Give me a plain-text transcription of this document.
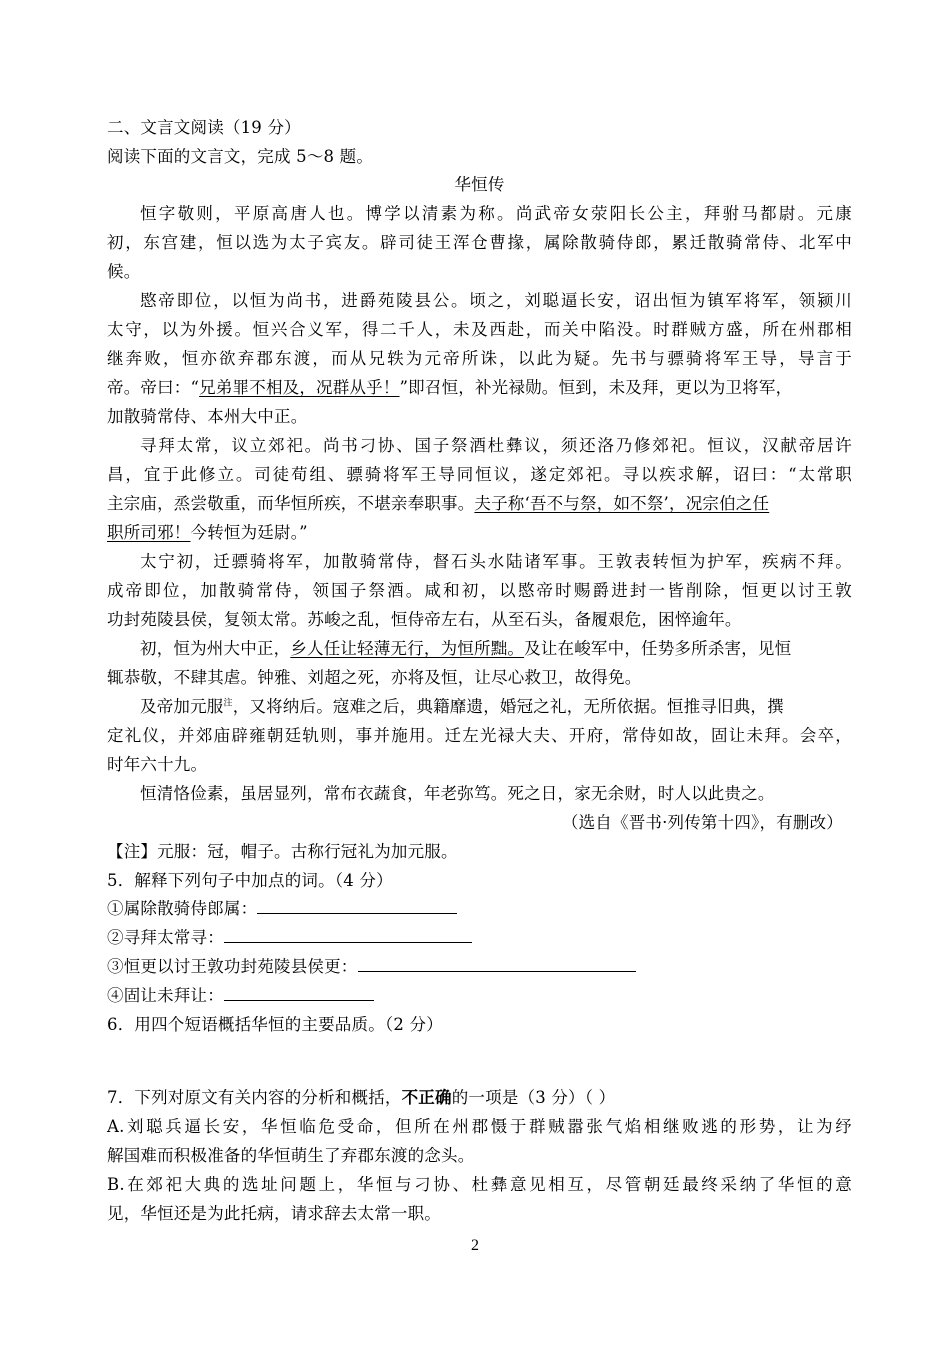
二、文言文阅读（19 分）
阅读下面的文言文，完成 5～8 题。
华恒传
恒字敬则，平原高唐人也。博学以清素为称。尚武帝女荥阳长公主，拜驸马都尉。元康
初，东宫建，恒以选为太子宾友。辟司徒王浑仓曹掾，属除散骑侍郎，累迁散骑常侍、北军中
候。
愍帝即位，以恒为尚书，进爵苑陵县公。顷之，刘聪逼长安，诏出恒为镇军将军，领颍川
太守，以为外援。恒兴合义军，得二千人，未及西赴，而关中陷没。时群贼方盛，所在州郡相
继奔败，恒亦欲弃郡东渡，而从兄轶为元帝所诛，以此为疑。先书与骠骑将军王导，导言于
帝。帝曰：“兄弟罪不相及，况群从乎！”即召恒，补光禄勋。恒到，未及拜，更以为卫将军，
加散骑常侍、本州大中正。
寻拜太常，议立郊祀。尚书刁协、国子祭酒杜彝议，须还洛乃修郊祀。恒议，汉献帝居许
昌，宜于此修立。司徒荀组、骠骑将军王导同恒议，遂定郊祀。寻以疾求解，诏曰：“太常职
主宗庙，烝尝敬重，而华恒所疾，不堪亲奉职事。夫子称‘吾不与祭，如不祭’，况宗伯之任
职所司邪！今转恒为廷尉。”
太宁初，迁骠骑将军，加散骑常侍，督石头水陆诸军事。王敦表转恒为护军，疾病不拜。
成帝即位，加散骑常侍，领国子祭酒。咸和初，以愍帝时赐爵进封一皆削除，恒更以讨王敦
功封苑陵县侯，复领太常。苏峻之乱，恒侍帝左右，从至石头，备履艰危，困悴逾年。
初，恒为州大中正，乡人任让轻薄无行，为恒所黜。及让在峻军中，任势多所杀害，见恒
辄恭敬，不肆其虐。钟雅、刘超之死，亦将及恒，让尽心救卫，故得免。
及帝加元服$^注$，又将纳后。寇难之后，典籍靡遗，婚冠之礼，无所依据。恒推寻旧典，撰
定礼仪，并郊庙辟雍朝廷轨则，事并施用。迁左光禄大夫、开府，常侍如故，固让未拜。会卒，
时年六十九。
恒清恪俭素，虽居显列，常布衣蔬食，年老弥笃。死之日，家无余财，时人以此贵之。
（选自《晋书·列传第十四》，有删改）
【注】元服：冠，帽子。古称行冠礼为加元服。
5．解释下列句子中加点的词。（4 分）
①属除散骑侍郎属：
②寻拜太常寻：
③恒更以讨王敦功封苑陵县侯更：
④固让未拜让：
6．用四个短语概括华恒的主要品质。（2 分）
7．下列对原文有关内容的分析和概括，不正确的一项是（3 分）（ ）
A.刘聪兵逼长安，华恒临危受命，但所在州郡慑于群贼嚣张气焰相继败逃的形势，让为纾
解国难而积极准备的华恒萌生了弃郡东渡的念头。
B.在郊祀大典的选址问题上，华恒与刁协、杜彝意见相互，尽管朝廷最终采纳了华恒的意
见，华恒还是为此托病，请求辞去太常一职。
2
